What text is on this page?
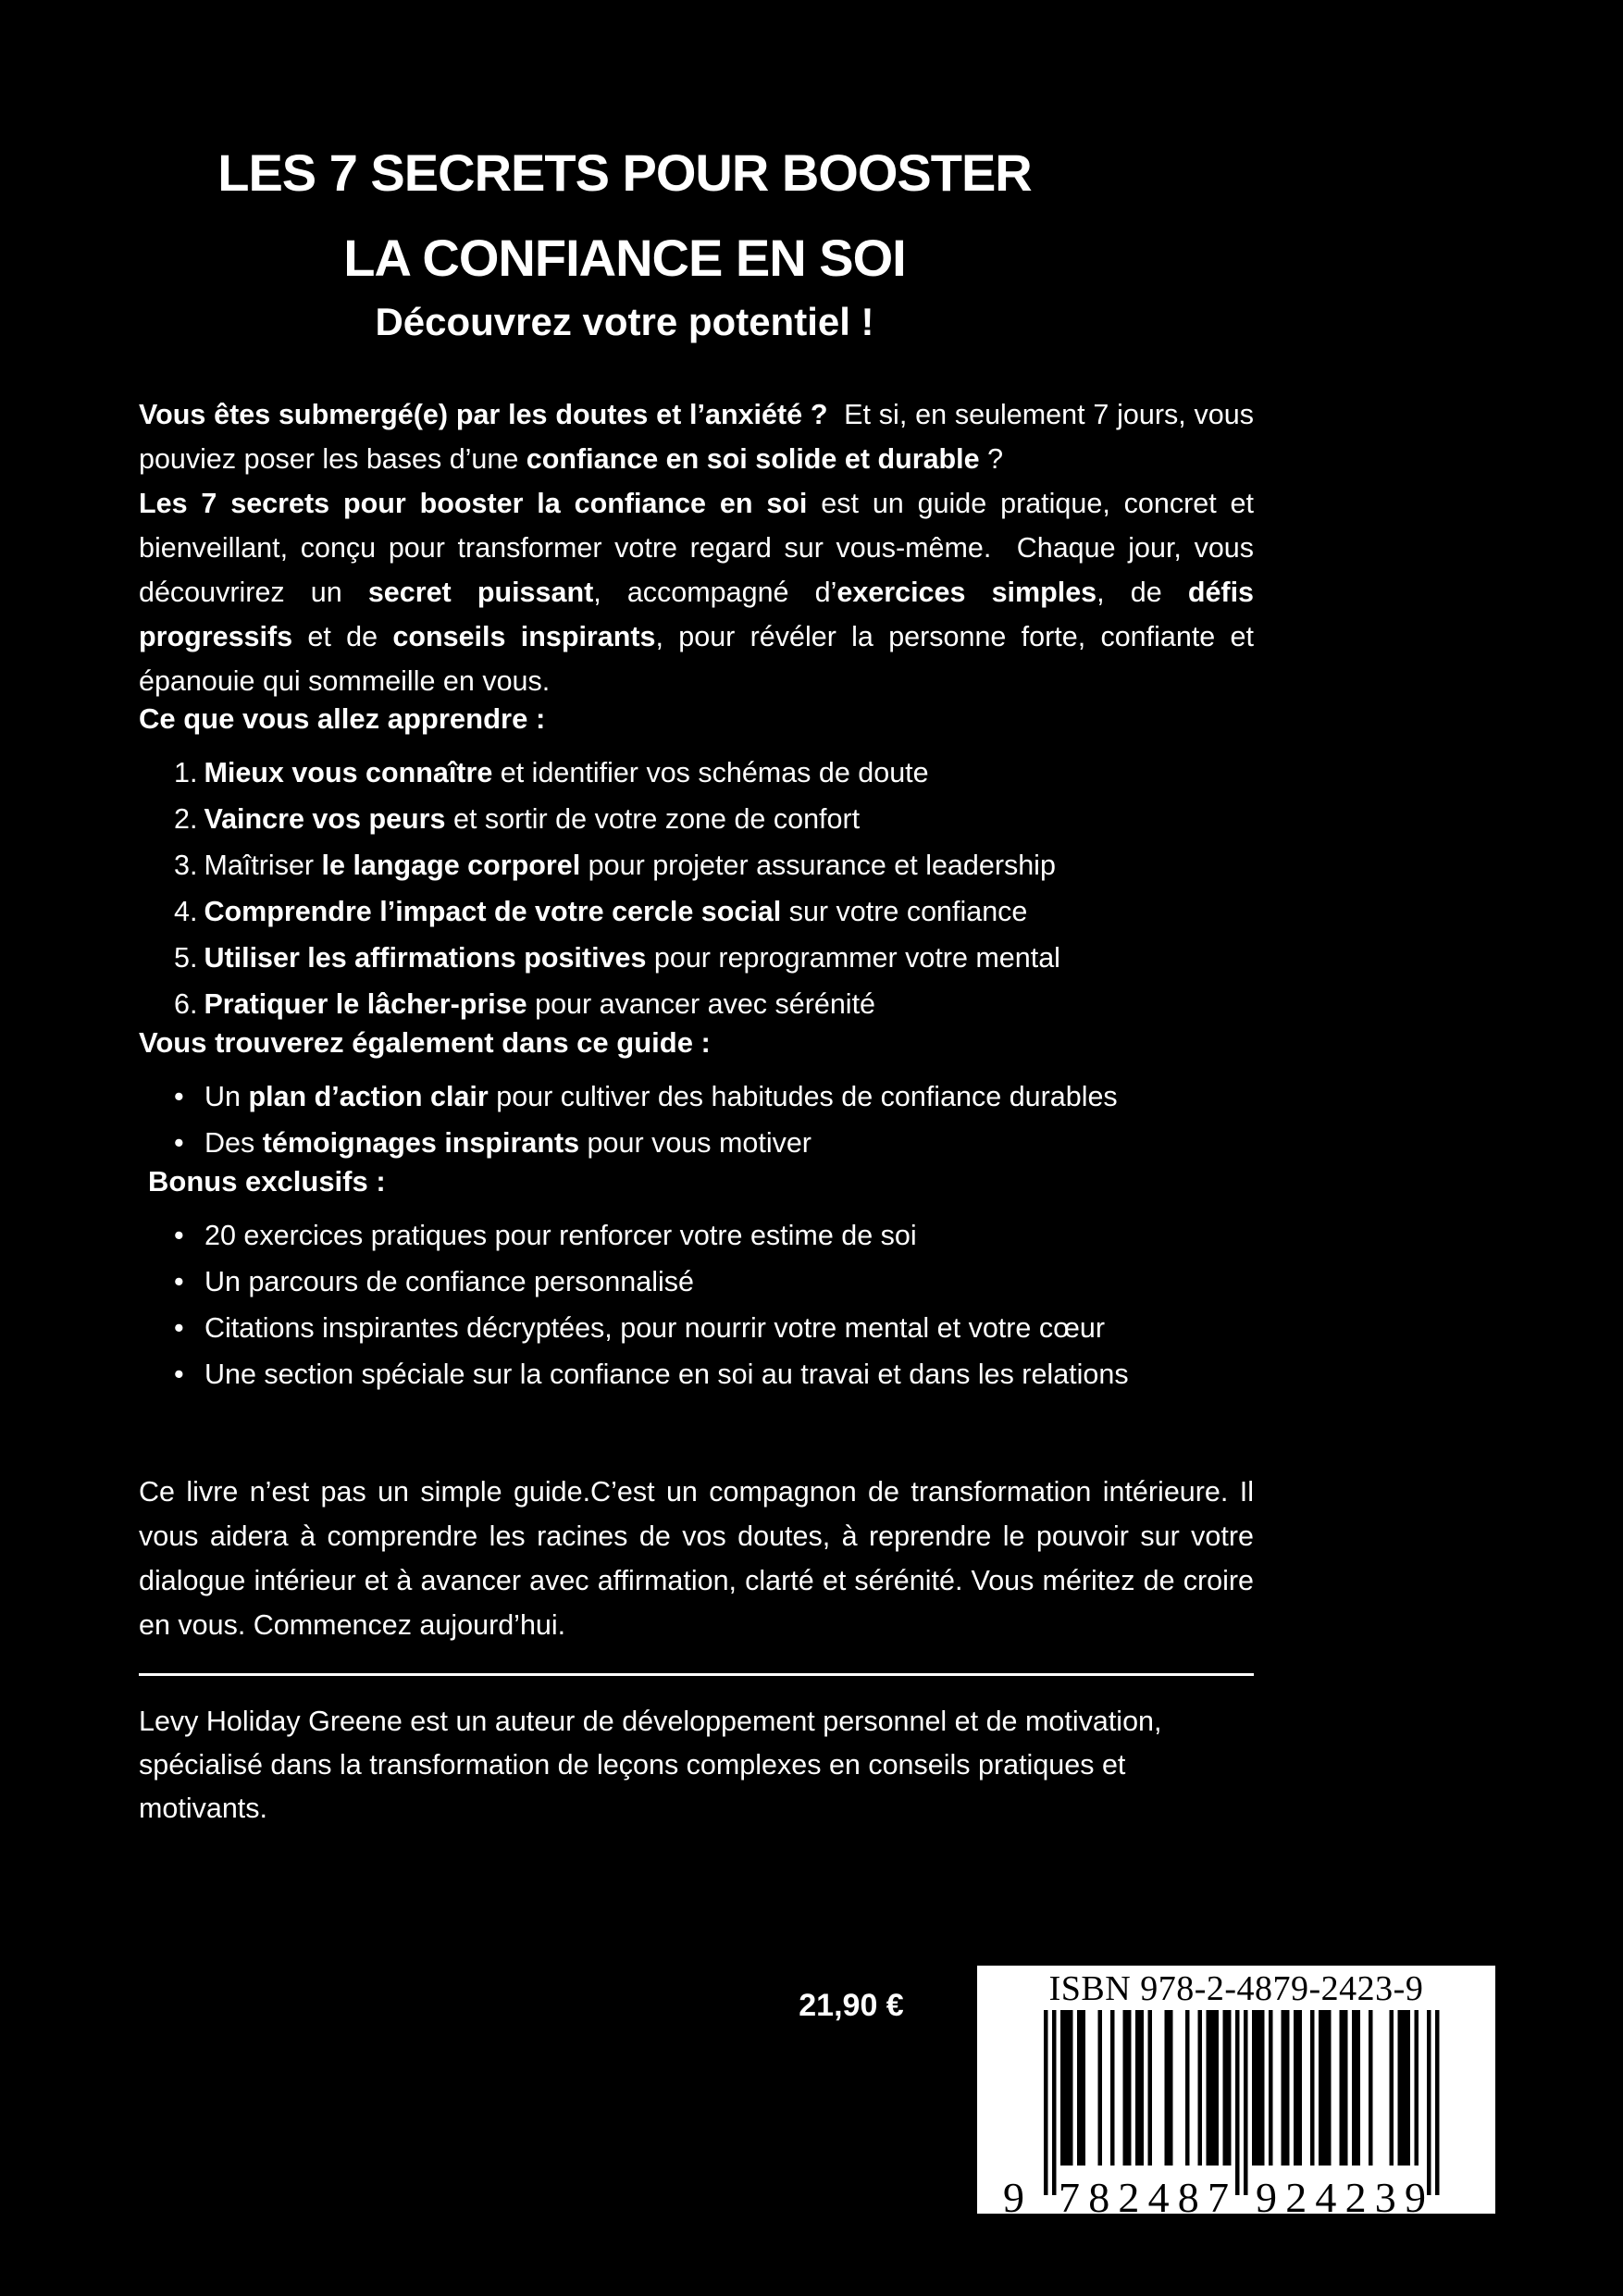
LES 7 SECRETS POUR BOOSTER
LA CONFIANCE EN SOI
Découvrez votre potentiel !

Vous êtes submergé(e) par les doutes et l’anxiété ?  Et si, en seulement 7 jours, vous pouviez poser les bases d’une confiance en soi solide et durable ?

Les 7 secrets pour booster la confiance en soi est un guide pratique, concret et bienveillant, conçu pour transformer votre regard sur vous-même.  Chaque jour, vous découvrirez un secret puissant, accompagné d’exercices simples, de défis progressifs et de conseils inspirants, pour révéler la personne forte, confiante et épanouie qui sommeille en vous.

Ce que vous allez apprendre :
1. Mieux vous connaître et identifier vos schémas de doute
2. Vaincre vos peurs et sortir de votre zone de confort
3. Maîtriser le langage corporel pour projeter assurance et leadership
4. Comprendre l’impact de votre cercle social sur votre confiance
5. Utiliser les affirmations positives pour reprogrammer votre mental
6. Pratiquer le lâcher-prise pour avancer avec sérénité
Vous trouverez également dans ce guide :
• Un plan d’action clair pour cultiver des habitudes de confiance durables
• Des témoignages inspirants pour vous motiver
Bonus exclusifs :
• 20 exercices pratiques pour renforcer votre estime de soi
• Un parcours de confiance personnalisé
• Citations inspirantes décryptées, pour nourrir votre mental et votre cœur
• Une section spéciale sur la confiance en soi au travai et dans les relations

Ce livre n’est pas un simple guide.C’est un compagnon de transformation intérieure. Il vous aidera à comprendre les racines de vos doutes, à reprendre le pouvoir sur votre dialogue intérieur et à avancer avec affirmation, clarté et sérénité. Vous méritez de croire en vous. Commencez aujourd’hui.

Levy Holiday Greene est un auteur de développement personnel et de motivation, spécialisé dans la transformation de leçons complexes en conseils pratiques et motivants.

21,90 €	ISBN 978-2-4879-2423-9
9 782487 924239
